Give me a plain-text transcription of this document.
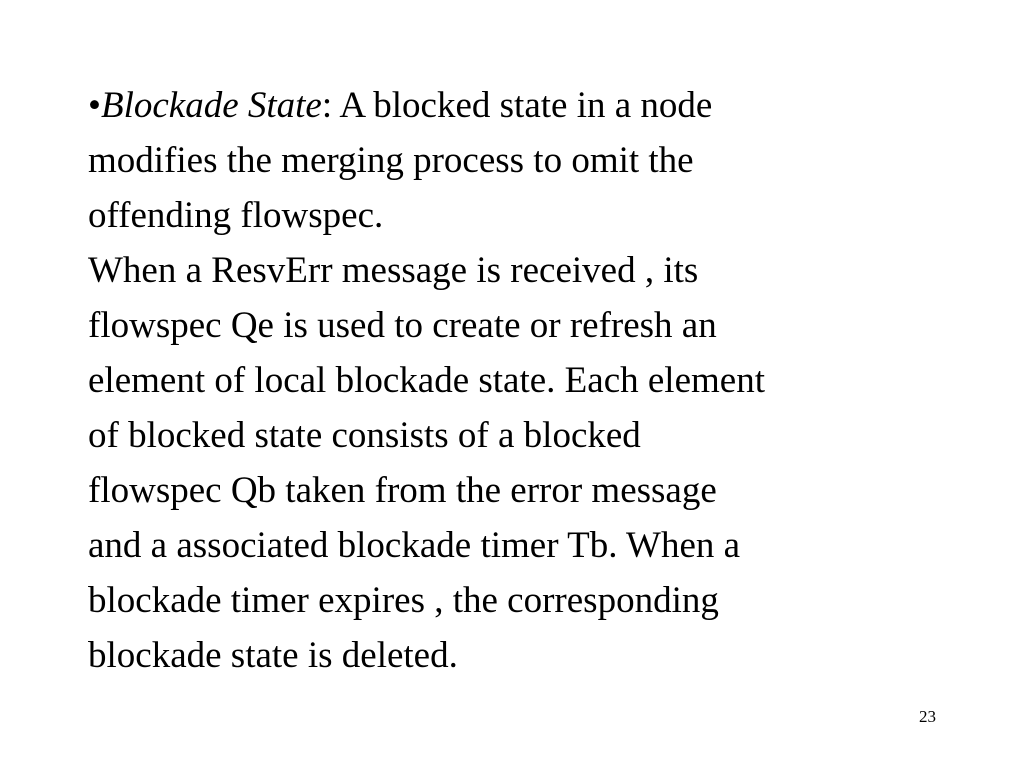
•Blockade State: A blocked state in a node
modifies the merging process to omit the
offending flowspec.

When a ResvErr message is received , its
flowspec Qe is used to create or refresh an
element of local blockade state. Each element
of blocked state consists of a blocked
flowspec Qb taken from the error message
and a associated blockade timer Tb. When a
blockade timer expires , the corresponding
blockade state is deleted.

23
